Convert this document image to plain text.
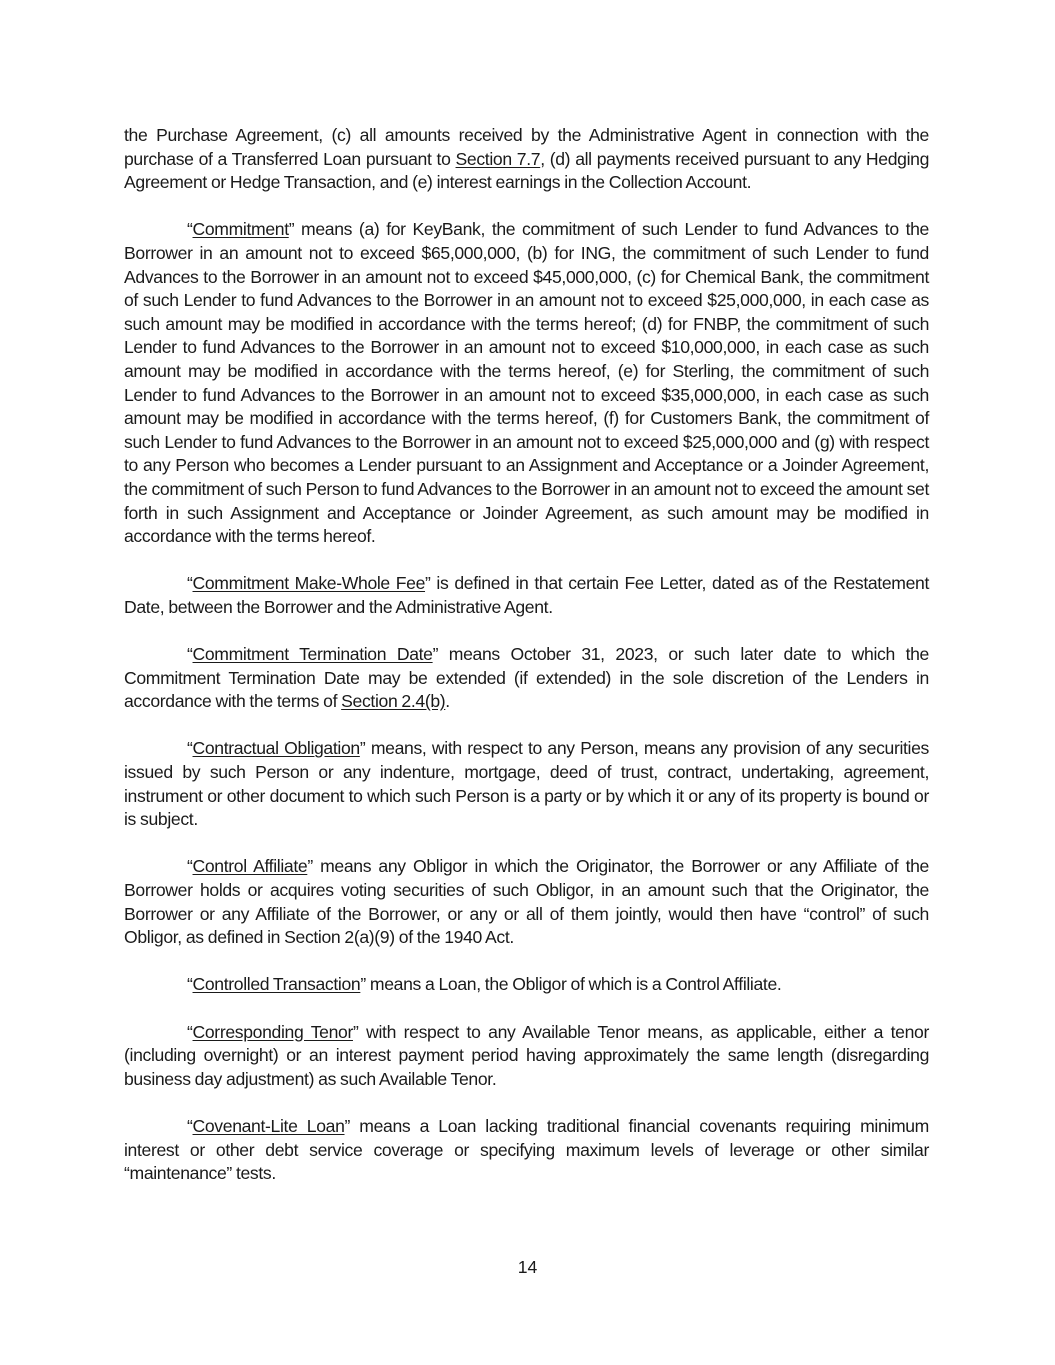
the Purchase Agreement, (c) all amounts received by the Administrative Agent in connection with the purchase of a Transferred Loan pursuant to Section 7.7, (d) all payments received pursuant to any Hedging Agreement or Hedge Transaction, and (e) interest earnings in the Collection Account.

“Commitment” means (a) for KeyBank, the commitment of such Lender to fund Advances to the Borrower in an amount not to exceed $65,000,000, (b) for ING, the commitment of such Lender to fund Advances to the Borrower in an amount not to exceed $45,000,000, (c) for Chemical Bank, the commitment of such Lender to fund Advances to the Borrower in an amount not to exceed $25,000,000, in each case as such amount may be modified in accordance with the terms hereof; (d) for FNBP, the commitment of such Lender to fund Advances to the Borrower in an amount not to exceed $10,000,000, in each case as such amount may be modified in accordance with the terms hereof, (e) for Sterling, the commitment of such Lender to fund Advances to the Borrower in an amount not to exceed $35,000,000, in each case as such amount may be modified in accordance with the terms hereof, (f) for Customers Bank, the commitment of such Lender to fund Advances to the Borrower in an amount not to exceed $25,000,000 and (g) with respect to any Person who becomes a Lender pursuant to an Assignment and Acceptance or a Joinder Agreement, the commitment of such Person to fund Advances to the Borrower in an amount not to exceed the amount set forth in such Assignment and Acceptance or Joinder Agreement, as such amount may be modified in accordance with the terms hereof.

“Commitment Make-Whole Fee” is defined in that certain Fee Letter, dated as of the Restatement Date, between the Borrower and the Administrative Agent.

“Commitment Termination Date” means October 31, 2023, or such later date to which the Commitment Termination Date may be extended (if extended) in the sole discretion of the Lenders in accordance with the terms of Section 2.4(b).

“Contractual Obligation” means, with respect to any Person, means any provision of any securities issued by such Person or any indenture, mortgage, deed of trust, contract, undertaking, agreement, instrument or other document to which such Person is a party or by which it or any of its property is bound or is subject.

“Control Affiliate” means any Obligor in which the Originator, the Borrower or any Affiliate of the Borrower holds or acquires voting securities of such Obligor, in an amount such that the Originator, the Borrower or any Affiliate of the Borrower, or any or all of them jointly, would then have “control” of such Obligor, as defined in Section 2(a)(9) of the 1940 Act.

“Controlled Transaction” means a Loan, the Obligor of which is a Control Affiliate.

“Corresponding Tenor” with respect to any Available Tenor means, as applicable, either a tenor (including overnight) or an interest payment period having approximately the same length (disregarding business day adjustment) as such Available Tenor.

“Covenant-Lite Loan” means a Loan lacking traditional financial covenants requiring minimum interest or other debt service coverage or specifying maximum levels of leverage or other similar “maintenance” tests.

14
